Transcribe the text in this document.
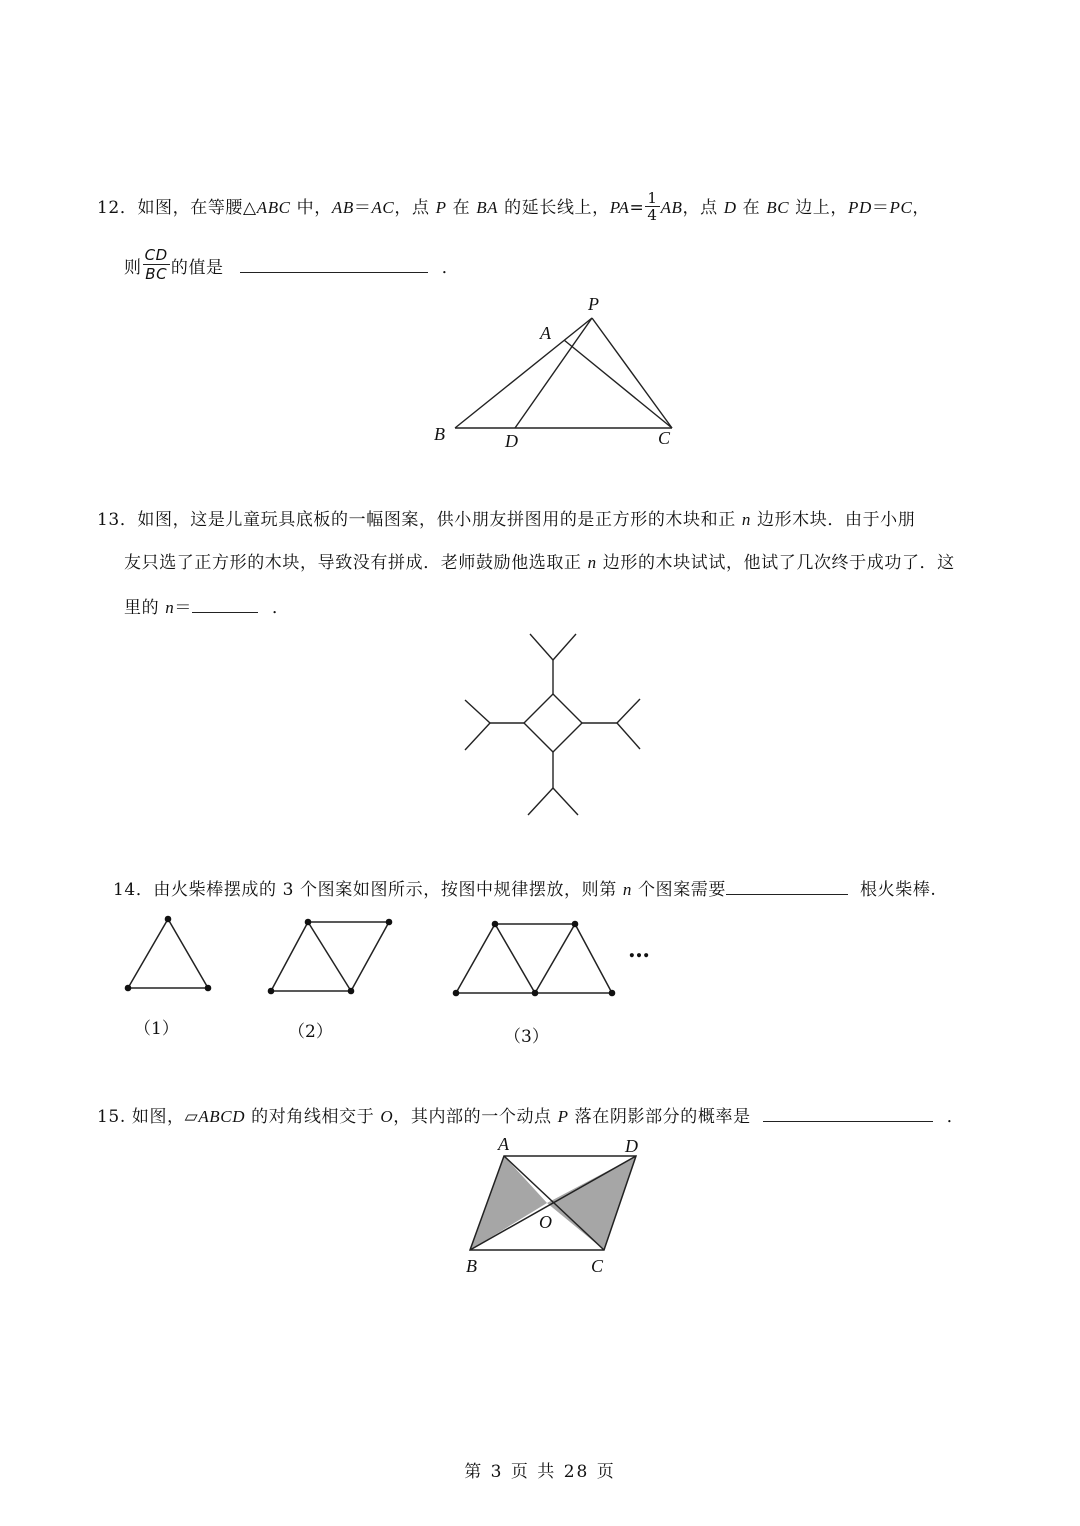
12．如图，在等腰△ABC 中，AB＝AC，点 P 在 BA 的延长线上，$PA= \frac{1}{4}$ AB，点 D 在 BC 边上，PD＝PC，
则 $\frac{CD}{BC}$ 的值是	．
P
A
B	D	C
13．如图，这是儿童玩具底板的一幅图案，供小朋友拼图用的是正方形的木块和正 n 边形木块．由于小朋
友只选了正方形的木块，导致没有拼成．老师鼓励他选取正 n 边形的木块试试，他试了几次终于成功了．这
里的 n＝	．
14．由火柴棒摆成的 3 个图案如图所示，按图中规律摆放，则第 n 个图案需要	根火柴棒.
…
（1）	（2）	（3）
15. 如图，▱ABCD 的对角线相交于 O，其内部的一个动点 P 落在阴影部分的概率是	．
A	D
B	C
O
第 3 页 共 28 页
